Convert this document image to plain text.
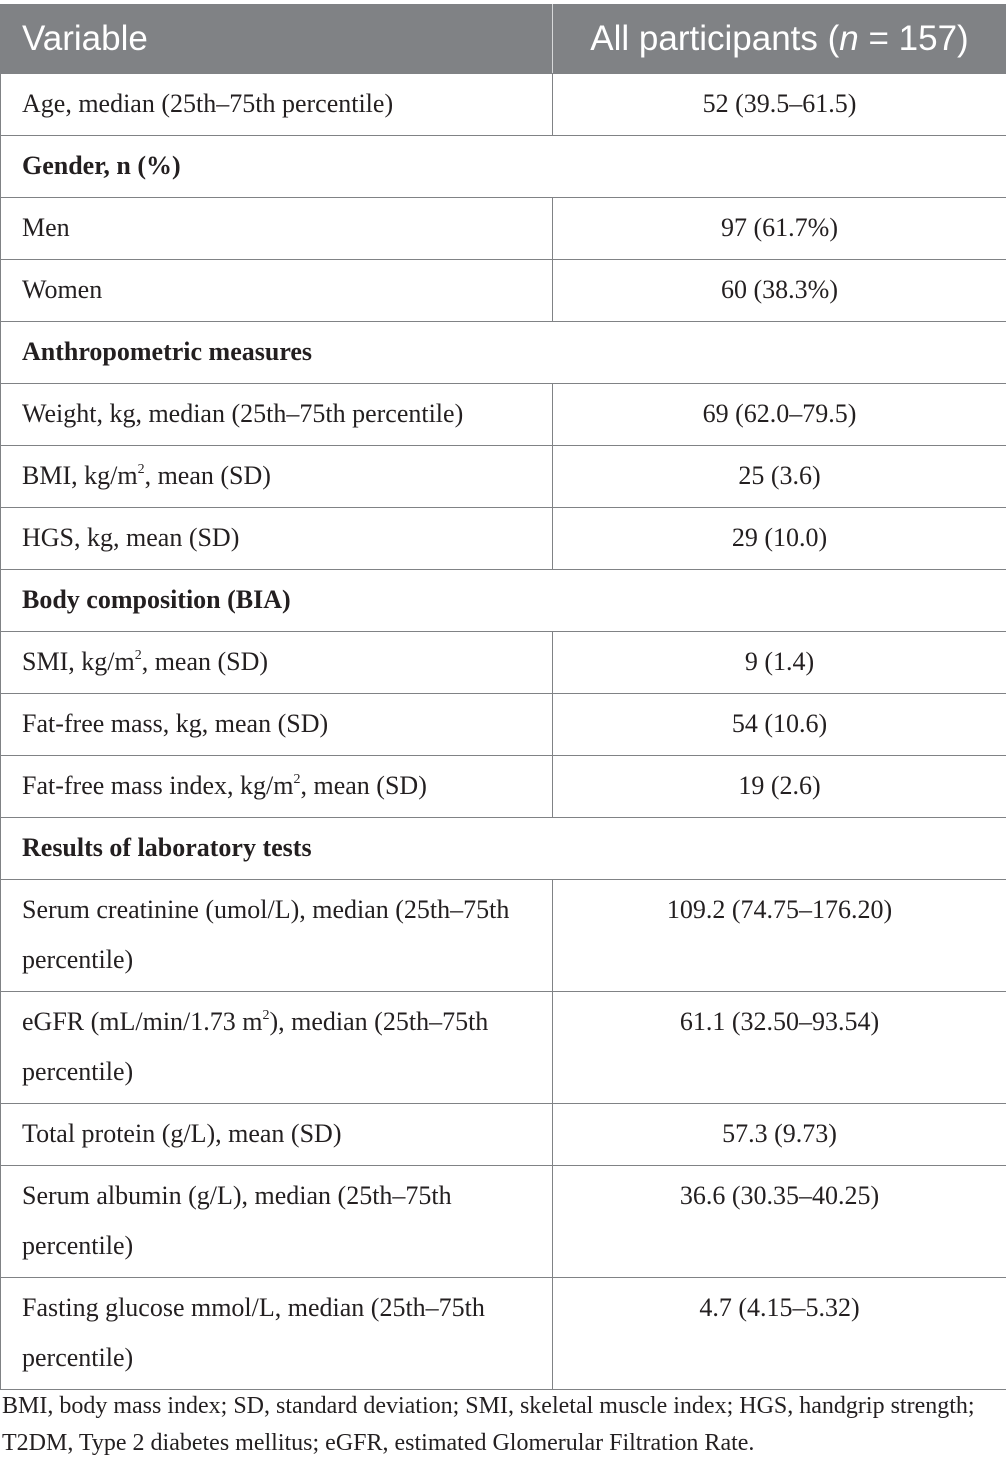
Variable	All participants (n = 157)
Age, median (25th–75th percentile)	52 (39.5–61.5)
Gender, n (%)	
Men	97 (61.7%)
Women	60 (38.3%)
Anthropometric measures	
Weight, kg, median (25th–75th percentile)	69 (62.0–79.5)
BMI, $kg/m^2$, mean (SD)	25 (3.6)
HGS, kg, mean (SD)	29 (10.0)
Body composition (BIA)	
SMI, $kg/m^2$, mean (SD)	9 (1.4)
Fat-free mass, kg, mean (SD)	54 (10.6)
Fat-free mass index, $kg/m^2$, mean (SD)	19 (2.6)
Results of laboratory tests	
Serum creatinine (umol/L), median (25th–75th percentile)	109.2 (74.75–176.20)
eGFR (mL/min/1.73 $m^2$), median (25th–75th percentile)	61.1 (32.50–93.54)
Total protein (g/L), mean (SD)	57.3 (9.73)
Serum albumin (g/L), median (25th–75th percentile)	36.6 (30.35–40.25)
Fasting glucose mmol/L, median (25th–75th percentile)	4.7 (4.15–5.32)
BMI, body mass index; SD, standard deviation; SMI, skeletal muscle index; HGS, handgrip strength; T2DM, Type 2 diabetes mellitus; eGFR, estimated Glomerular Filtration Rate.
